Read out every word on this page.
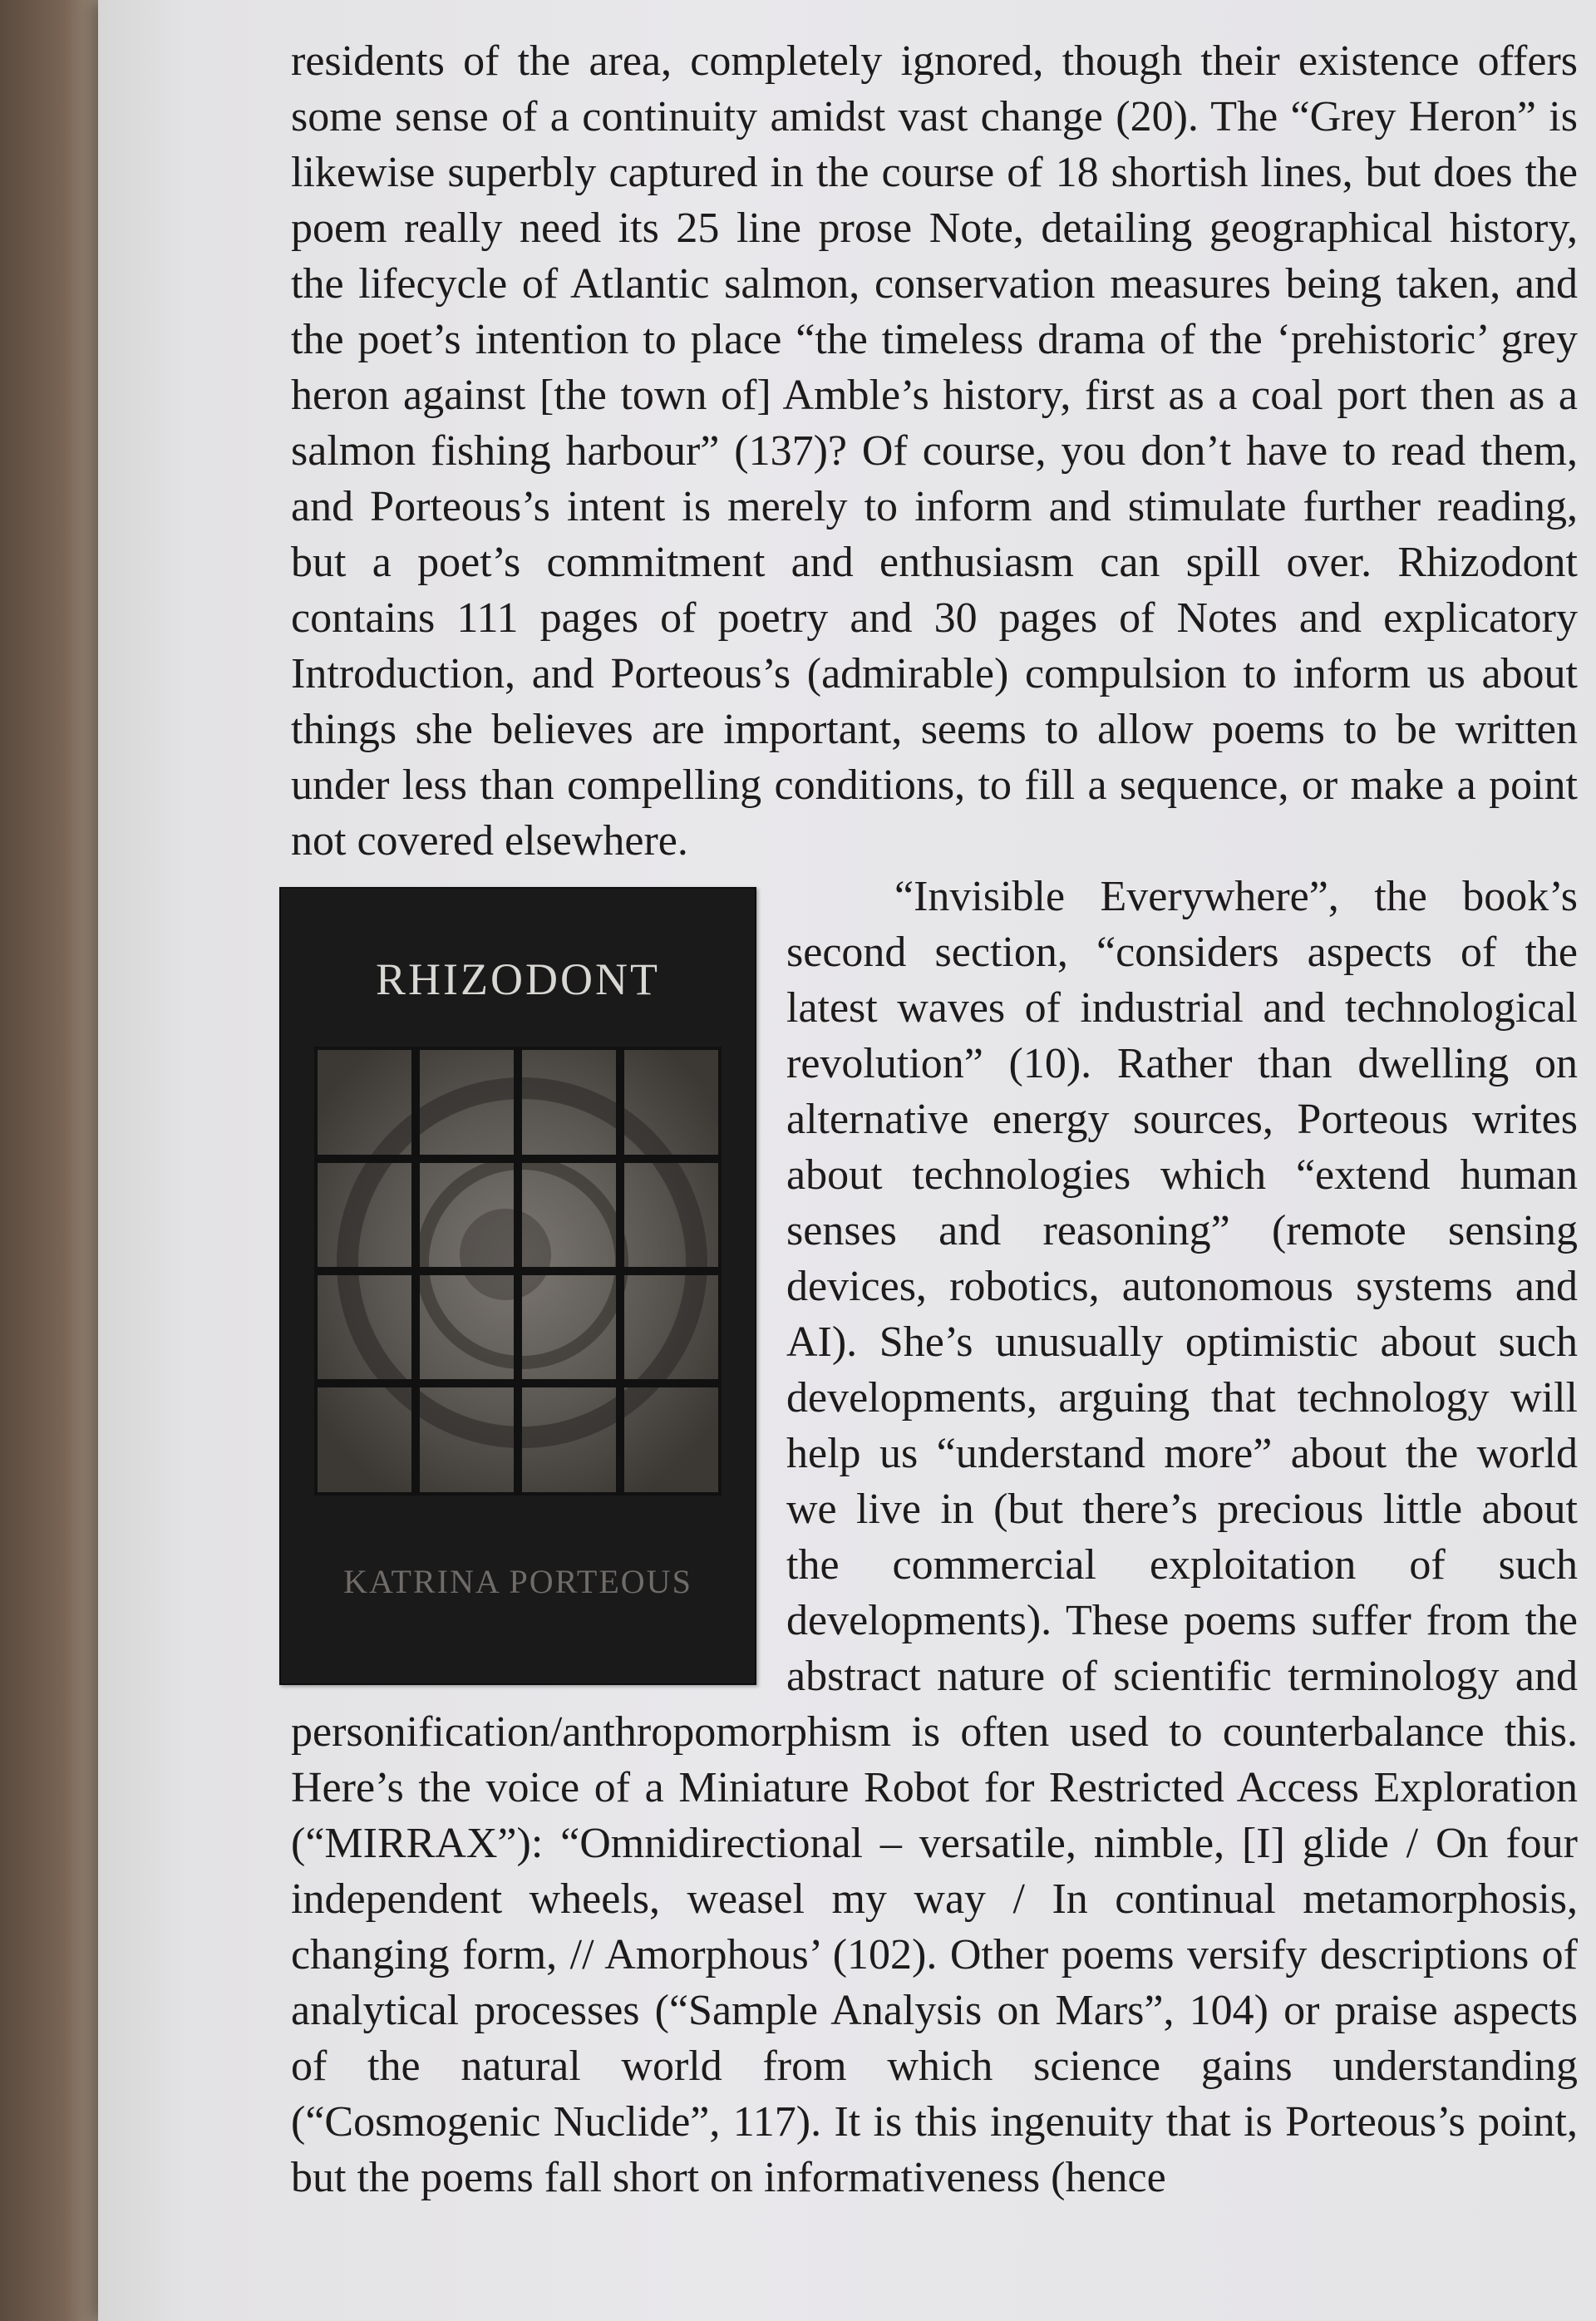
residents of the area, completely ignored, though their existence offers some sense of a continuity amidst vast change (20). The “Grey Heron” is likewise superbly captured in the course of 18 shortish lines, but does the poem really need its 25 line prose Note, detailing geographical history, the lifecycle of Atlantic salmon, conservation measures being taken, and the poet’s intention to place “the timeless drama of the ‘prehistoric’ grey heron against [the town of] Amble’s history, first as a coal port then as a salmon fishing harbour” (137)? Of course, you don’t have to read them, and Porteous’s intent is merely to inform and stimulate further reading, but a poet’s commitment and enthusiasm can spill over. Rhizodont contains 111 pages of poetry and 30 pages of Notes and explicatory Introduction, and Porteous’s (admirable) compulsion to inform us about things she believes are important, seems to allow poems to be written under less than compelling conditions, to fill a sequence, or make a point not covered elsewhere.

RHIZODONT
KATRINA PORTEOUS

“Invisible Everywhere”, the book’s second section, “considers aspects of the latest waves of industrial and technological revolution” (10). Rather than dwelling on alternative energy sources, Porteous writes about technologies which “extend human senses and reasoning” (remote sensing devices, robotics, autonomous systems and AI). She’s unusually optimistic about such developments, arguing that technology will help us “understand more” about the world we live in (but there’s precious little about the commercial exploitation of such developments). These poems suffer from the abstract nature of scientific terminology and personification/anthropomorphism is often used to counterbalance this. Here’s the voice of a Miniature Robot for Restricted Access Exploration (“MIRRAX”): “Omnidirectional – versatile, nimble, [I] glide / On four independent wheels, weasel my way / In continual metamorphosis, changing form, // Amorphous’ (102). Other poems versify descriptions of analytical processes (“Sample Analysis on Mars”, 104) or praise aspects of the natural world from which science gains understanding (“Cosmogenic Nuclide”, 117). It is this ingenuity that is Porteous’s point, but the poems fall short on informativeness (hence
